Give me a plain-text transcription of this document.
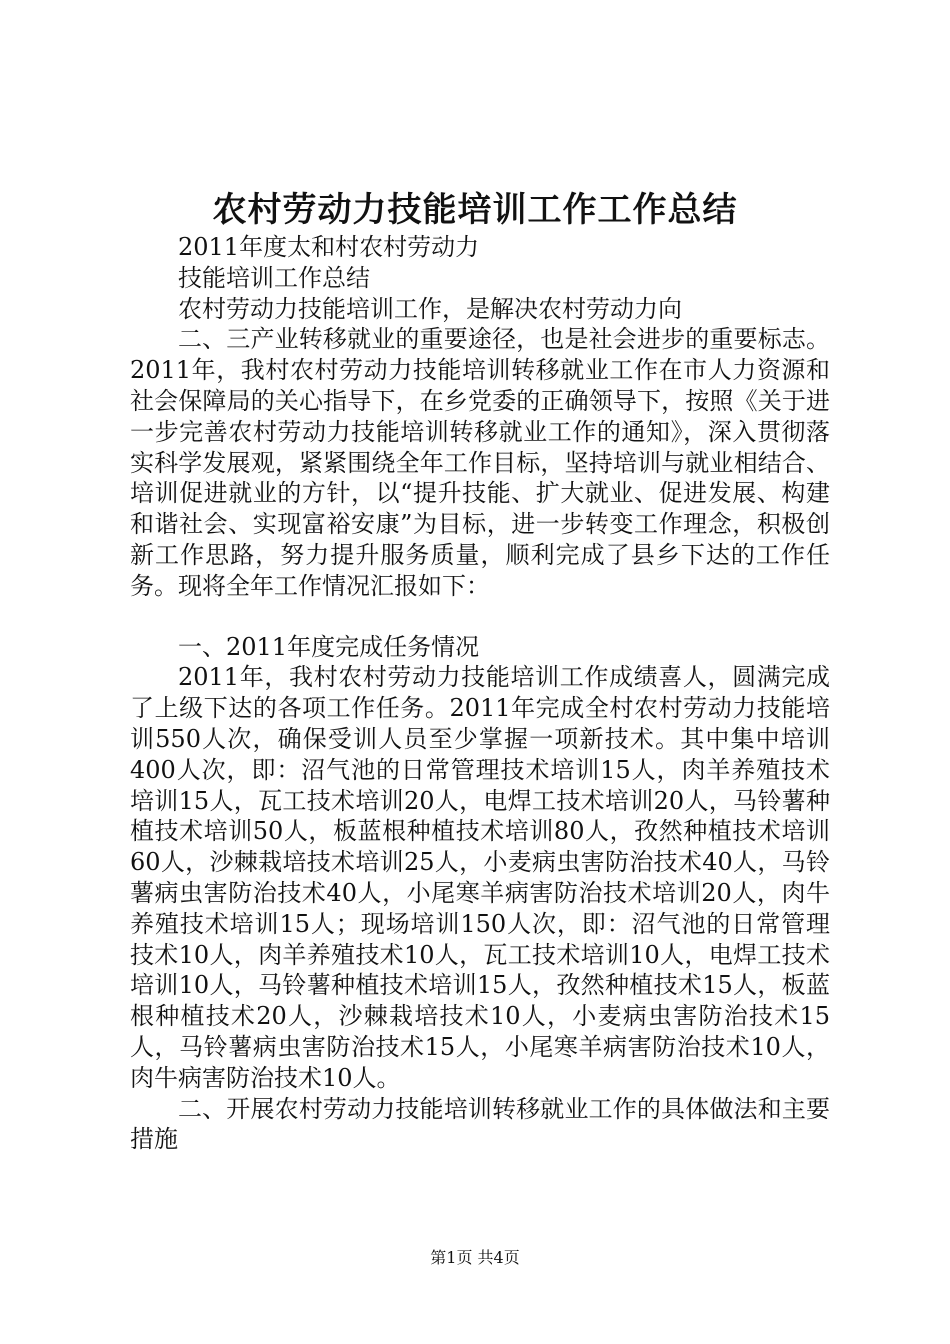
农村劳动力技能培训工作工作总结

2011年度太和村农村劳动力

技能培训工作总结

农村劳动力技能培训工作，是解决农村劳动力向

二、三产业转移就业的重要途径，也是社会进步的重要标志。2011年，我村农村劳动力技能培训转移就业工作在市人力资源和社会保障局的关心指导下，在乡党委的正确领导下，按照《关于进一步完善农村劳动力技能培训转移就业工作的通知》，深入贯彻落实科学发展观，紧紧围绕全年工作目标，坚持培训与就业相结合、培训促进就业的方针，以“提升技能、扩大就业、促进发展、构建和谐社会、实现富裕安康”为目标，进一步转变工作理念，积极创新工作思路，努力提升服务质量，顺利完成了县乡下达的工作任务。现将全年工作情况汇报如下：

一、2011年度完成任务情况

2011年，我村农村劳动力技能培训工作成绩喜人，圆满完成了上级下达的各项工作任务。2011年完成全村农村劳动力技能培训550人次，确保受训人员至少掌握一项新技术。其中集中培训400人次，即：沼气池的日常管理技术培训15人，肉羊养殖技术培训15人，瓦工技术培训20人，电焊工技术培训20人，马铃薯种植技术培训50人，板蓝根种植技术培训80人，孜然种植技术培训60人，沙棘栽培技术培训25人，小麦病虫害防治技术40人，马铃薯病虫害防治技术40人，小尾寒羊病害防治技术培训20人，肉牛养殖技术培训15人；现场培训150人次，即：沼气池的日常管理技术10人，肉羊养殖技术10人，瓦工技术培训10人，电焊工技术培训10人，马铃薯种植技术培训15人，孜然种植技术15人，板蓝根种植技术20人，沙棘栽培技术10人，小麦病虫害防治技术15人，马铃薯病虫害防治技术15人，小尾寒羊病害防治技术10人，肉牛病害防治技术10人。

二、开展农村劳动力技能培训转移就业工作的具体做法和主要措施

第1页 共4页
